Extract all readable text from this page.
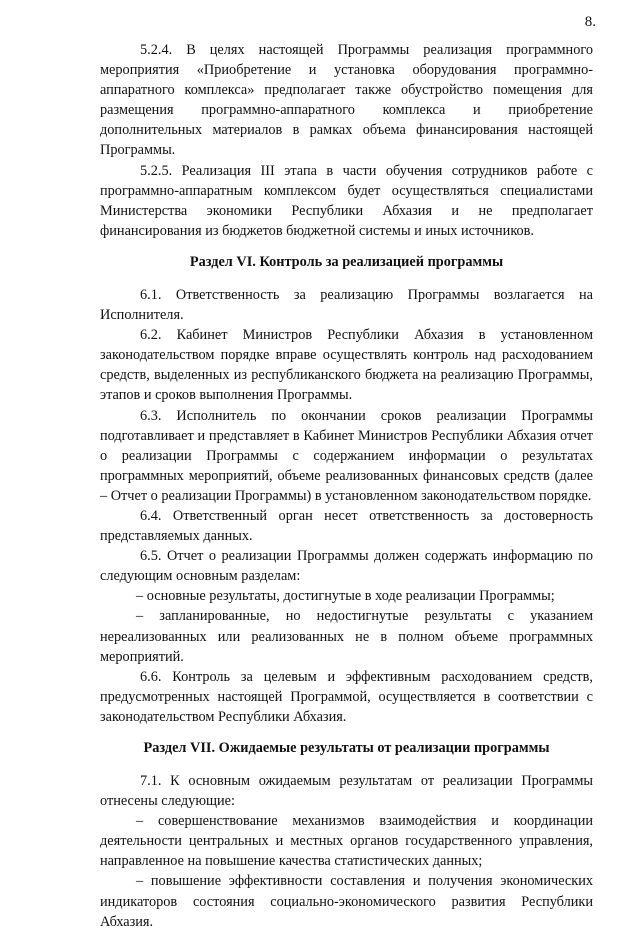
8.

5.2.4. В целях настоящей Программы реализация программного мероприятия «Приобретение и установка оборудования программно-аппаратного комплекса» предполагает также обустройство помещения для размещения программно-аппаратного комплекса и приобретение дополнительных материалов в рамках объема финансирования настоящей Программы.

5.2.5. Реализация III этапа в части обучения сотрудников работе с программно-аппаратным комплексом будет осуществляться специалистами Министерства экономики Республики Абхазия и не предполагает финансирования из бюджетов бюджетной системы и иных источников.

Раздел VI. Контроль за реализацией программы

6.1. Ответственность за реализацию Программы возлагается на Исполнителя.

6.2. Кабинет Министров Республики Абхазия в установленном законодательством порядке вправе осуществлять контроль над расходованием средств, выделенных из республиканского бюджета на реализацию Программы, этапов и сроков выполнения Программы.

6.3. Исполнитель по окончании сроков реализации Программы подготавливает и представляет в Кабинет Министров Республики Абхазия отчет о реализации Программы с содержанием информации о результатах программных мероприятий, объеме реализованных финансовых средств (далее – Отчет о реализации Программы) в установленном законодательством порядке.

6.4. Ответственный орган несет ответственность за достоверность представляемых данных.

6.5. Отчет о реализации Программы должен содержать информацию по следующим основным разделам:

– основные результаты, достигнутые в ходе реализации Программы;

– запланированные, но недостигнутые результаты с указанием нереализованных или реализованных не в полном объеме программных мероприятий.

6.6. Контроль за целевым и эффективным расходованием средств, предусмотренных настоящей Программой, осуществляется в соответствии с законодательством Республики Абхазия.

Раздел VII. Ожидаемые результаты от реализации программы

7.1. К основным ожидаемым результатам от реализации Программы отнесены следующие:

– совершенствование механизмов взаимодействия и координации деятельности центральных и местных органов государственного управления, направленное на повышение качества статистических данных;

– повышение эффективности составления и получения экономических индикаторов состояния социально-экономического развития Республики Абхазия.
